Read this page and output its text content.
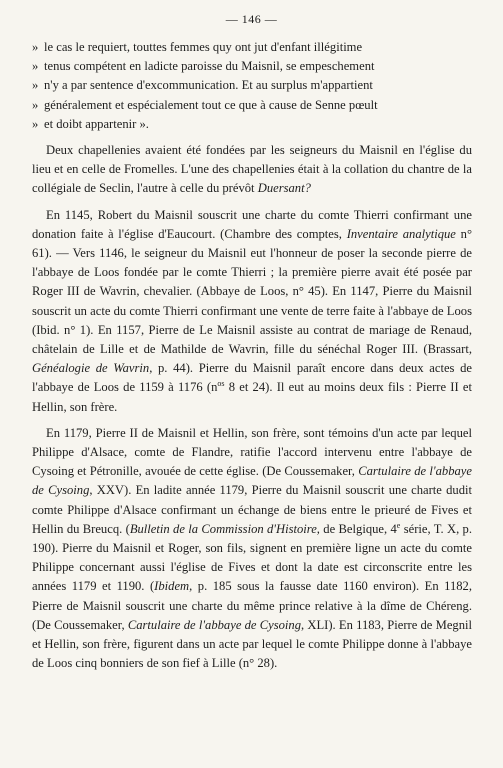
— 146 —
» le cas le requiert, touttes femmes quy ont jut d'enfant illégitime
» tenus compétent en ladicte paroisse du Maisnil, se empeschement
» n'y a par sentence d'excommunication. Et au surplus m'appartient
» généralement et espécialement tout ce que à cause de Senne pœult
» et doibt appartenir ».

Deux chapellenies avaient été fondées par les seigneurs du Maisnil en l'église du lieu et en celle de Fromelles. L'une des chapellenies était à la collation du chantre de la collégiale de Seclin, l'autre à celle du prévôt Duersant?

En 1145, Robert du Maisnil souscrit une charte du comte Thierri confirmant une donation faite à l'église d'Eaucourt. (Chambre des comptes, Inventaire analytique n° 61). — Vers 1146, le seigneur du Maisnil eut l'honneur de poser la seconde pierre de l'abbaye de Loos fondée par le comte Thierri ; la première pierre avait été posée par Roger III de Wavrin, chevalier. (Abbaye de Loos, n° 45). En 1147, Pierre du Maisnil souscrit un acte du comte Thierri confirmant une vente de terre faite à l'abbaye de Loos (Ibid. n° 1). En 1157, Pierre de Le Maisnil assiste au contrat de mariage de Renaud, châtelain de Lille et de Mathilde de Wavrin, fille du sénéchal Roger III. (Brassart, Généalogie de Wavrin, p. 44). Pierre du Maisnil paraît encore dans deux actes de l'abbaye de Loos de 1159 à 1176 ($n^{os}$ 8 et 24). Il eut au moins deux fils : Pierre II et Hellin, son frère.

En 1179, Pierre II de Maisnil et Hellin, son frère, sont témoins d'un acte par lequel Philippe d'Alsace, comte de Flandre, ratifie l'accord intervenu entre l'abbaye de Cysoing et Pétronille, avouée de cette église. (De Coussemaker, Cartulaire de l'abbaye de Cysoing, XXV). En ladite année 1179, Pierre du Maisnil souscrit une charte dudit comte Philippe d'Alsace confirmant un échange de biens entre le prieuré de Fives et Hellin du Breucq. (Bulletin de la Commission d'Histoire, de Belgique, 4e série, T. X, p. 190). Pierre du Maisnil et Roger, son fils, signent en première ligne un acte du comte Philippe concernant aussi l'église de Fives et dont la date est circonscrite entre les années 1179 et 1190. (Ibidem, p. 185 sous la fausse date 1160 environ). En 1182, Pierre de Maisnil souscrit une charte du même prince relative à la dîme de Chéreng. (De Coussemaker, Cartulaire de l'abbaye de Cysoing, XLI). En 1183, Pierre de Megnil et Hellin, son frère, figurent dans un acte par lequel le comte Philippe donne à l'abbaye de Loos cinq bonniers de son fief à Lille (n° 28).
